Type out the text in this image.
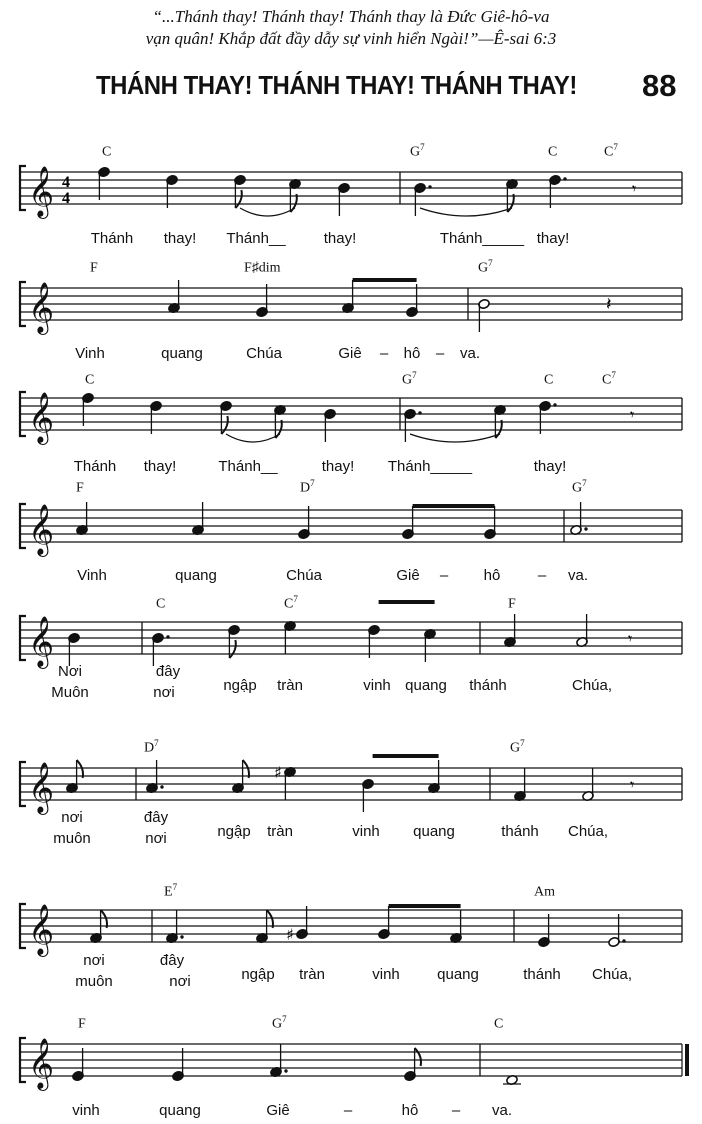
“...Thánh thay! Thánh thay! Thánh thay là Đức Giê-hô-va
vạn quân! Khắp đất đầy dẫy sự vinh hiển Ngài!”—Ê-sai 6:3
THÁNH THAY! THÁNH THAY! THÁNH THAY! 88
𝄞 4
4
𝄾
C	$G^7$	C	$C^7$
Thánh thay! Thánh__	thay!	Thánh_____ thay!
𝄞	𝄽
F	F♯dim	$G^7$
Vinh	quang	Chúa	Giê – hô – va.
𝄞	𝄾
C	$G^7$	C	$C^7$
Thánh thay!	Thánh__	thay! Thánh_____	thay!
𝄞
F	$D^7$	$G^7$
Vinh	quang	Chúa	Giê – hô – va.
𝄞	𝄾
C	$C^7$	F
Nơi	đây
Muôn	nơi	ngập tràn	vinh quang thánh	Chúa,
𝄞	♯
𝄾
$D^7$	$G^7$
nơi	đây
muôn	nơi	ngập tràn	vinh quang	thánh Chúa,
𝄞	♯
$E^7$	Am
nơi	đây
muôn	nơi	ngập tràn	vinh quang	thánh Chúa,
𝄞
F	$G^7$	C
vinh	quang	Giê	–	hô – va.
